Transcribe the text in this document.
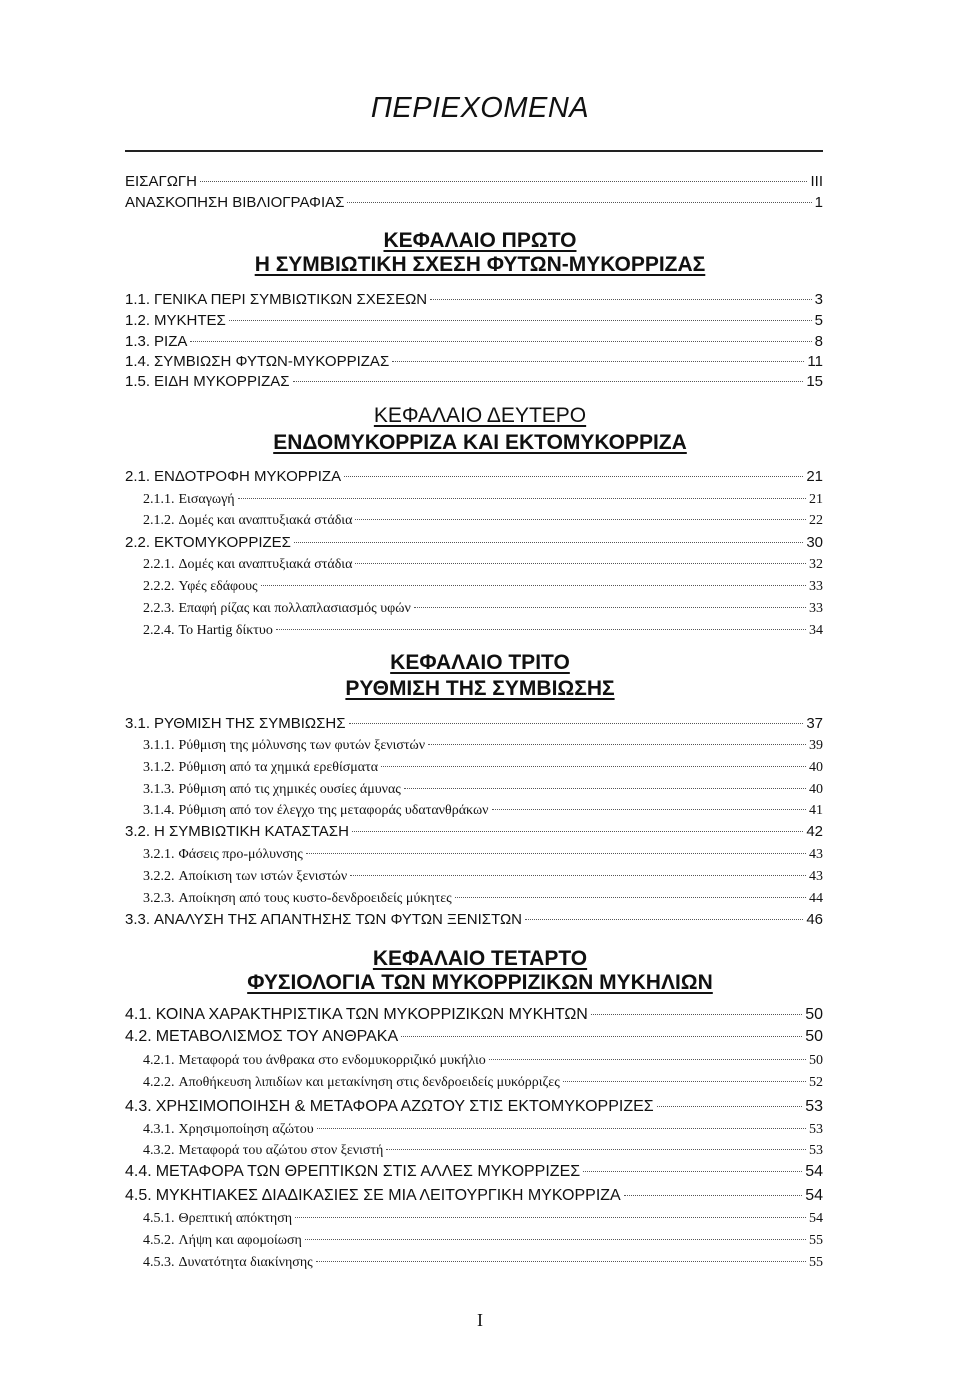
ΠΕΡΙΕΧΟΜΕΝΑ
ΕΙΣΑΓΩΓΗ	III
ΑΝΑΣΚΟΠΗΣΗ ΒΙΒΛΙΟΓΡΑΦΙΑΣ	1
ΚΕΦΑΛΑΙΟ ΠΡΩΤΟ
Η ΣΥΜΒΙΩΤΙΚΗ ΣΧΕΣΗ ΦΥΤΩΝ-ΜΥΚΟΡΡΙΖΑΣ
1.1. ΓΕΝΙΚΑ ΠΕΡΙ ΣΥΜΒΙΩΤΙΚΩΝ ΣΧΕΣΕΩΝ	3
1.2. ΜΥΚΗΤΕΣ	5
1.3. ΡΙΖΑ	8
1.4. ΣΥΜΒΙΩΣΗ ΦΥΤΩΝ-ΜΥΚΟΡΡΙΖΑΣ	11
1.5. ΕΙΔΗ ΜΥΚΟΡΡΙΖΑΣ	15
ΚΕΦΑΛΑΙΟ ΔΕΥΤΕΡΟ
ΕΝΔΟΜΥΚΟΡΡΙΖΑ ΚΑΙ ΕΚΤΟΜΥΚΟΡΡΙΖΑ
2.1. ΕΝΔΟΤΡΟΦΗ ΜΥΚΟΡΡΙΖΑ	21
2.1.1. Εισαγωγή	21
2.1.2. Δομές και αναπτυξιακά στάδια	22
2.2. ΕΚΤΟΜΥΚΟΡΡΙΖΕΣ	30
2.2.1. Δομές και αναπτυξιακά στάδια	32
2.2.2. Υφές εδάφους	33
2.2.3. Επαφή ρίζας και πολλαπλασιασμός υφών	33
2.2.4. Το Hartig δίκτυο	34
ΚΕΦΑΛΑΙΟ ΤΡΙΤΟ
ΡΥΘΜΙΣΗ ΤΗΣ ΣΥΜΒΙΩΣΗΣ
3.1. ΡΥΘΜΙΣΗ ΤΗΣ ΣΥΜΒΙΩΣΗΣ	37
3.1.1. Ρύθμιση της μόλυνσης των φυτών ξενιστών	39
3.1.2. Ρύθμιση από τα χημικά ερεθίσματα	40
3.1.3. Ρύθμιση από τις χημικές ουσίες άμυνας	40
3.1.4. Ρύθμιση από τον έλεγχο της μεταφοράς υδατανθράκων	41
3.2. Η ΣΥΜΒΙΩΤΙΚΗ ΚΑΤΑΣΤΑΣΗ	42
3.2.1. Φάσεις προ-μόλυνσης	43
3.2.2. Αποίκιση των ιστών ξενιστών	43
3.2.3. Αποίκηση από τους κυστο-δενδροειδείς μύκητες	44
3.3. ΑΝΑΛΥΣΗ ΤΗΣ ΑΠΑΝΤΗΣΗΣ ΤΩΝ ΦΥΤΩΝ ΞΕΝΙΣΤΩΝ	46
ΚΕΦΑΛΑΙΟ ΤΕΤΑΡΤΟ
ΦΥΣΙΟΛΟΓΙΑ ΤΩΝ ΜΥΚΟΡΡΙΖΙΚΩΝ ΜΥΚΗΛΙΩΝ
4.1. ΚΟΙΝΑ ΧΑΡΑΚΤΗΡΙΣΤΙΚΑ ΤΩΝ ΜΥΚΟΡΡΙΖΙΚΩΝ ΜΥΚΗΤΩΝ	50
4.2. ΜΕΤΑΒΟΛΙΣΜΟΣ ΤΟΥ ΑΝΘΡΑΚΑ	50
4.2.1. Μεταφορά του άνθρακα στο ενδομυκορριζικό μυκήλιο	50
4.2.2. Αποθήκευση λιπιδίων και μετακίνηση στις δενδροειδείς μυκόρριζες	52
4.3. ΧΡΗΣΙΜΟΠΟΙΗΣΗ & ΜΕΤΑΦΟΡΑ ΑΖΩΤΟΥ ΣΤΙΣ ΕΚΤΟΜΥΚΟΡΡΙΖΕΣ	53
4.3.1. Χρησιμοποίηση αζώτου	53
4.3.2. Μεταφορά του αζώτου στον ξενιστή	53
4.4. ΜΕΤΑΦΟΡΑ ΤΩΝ ΘΡΕΠΤΙΚΩΝ ΣΤΙΣ ΑΛΛΕΣ ΜΥΚΟΡΡΙΖΕΣ	54
4.5. ΜΥΚΗΤΙΑΚΕΣ ΔΙΑΔΙΚΑΣΙΕΣ ΣΕ ΜΙΑ ΛΕΙΤΟΥΡΓΙΚΗ ΜΥΚΟΡΡΙΖΑ	54
4.5.1. Θρεπτική απόκτηση	54
4.5.2. Λήψη και αφομοίωση	55
4.5.3. Δυνατότητα διακίνησης	55
I
